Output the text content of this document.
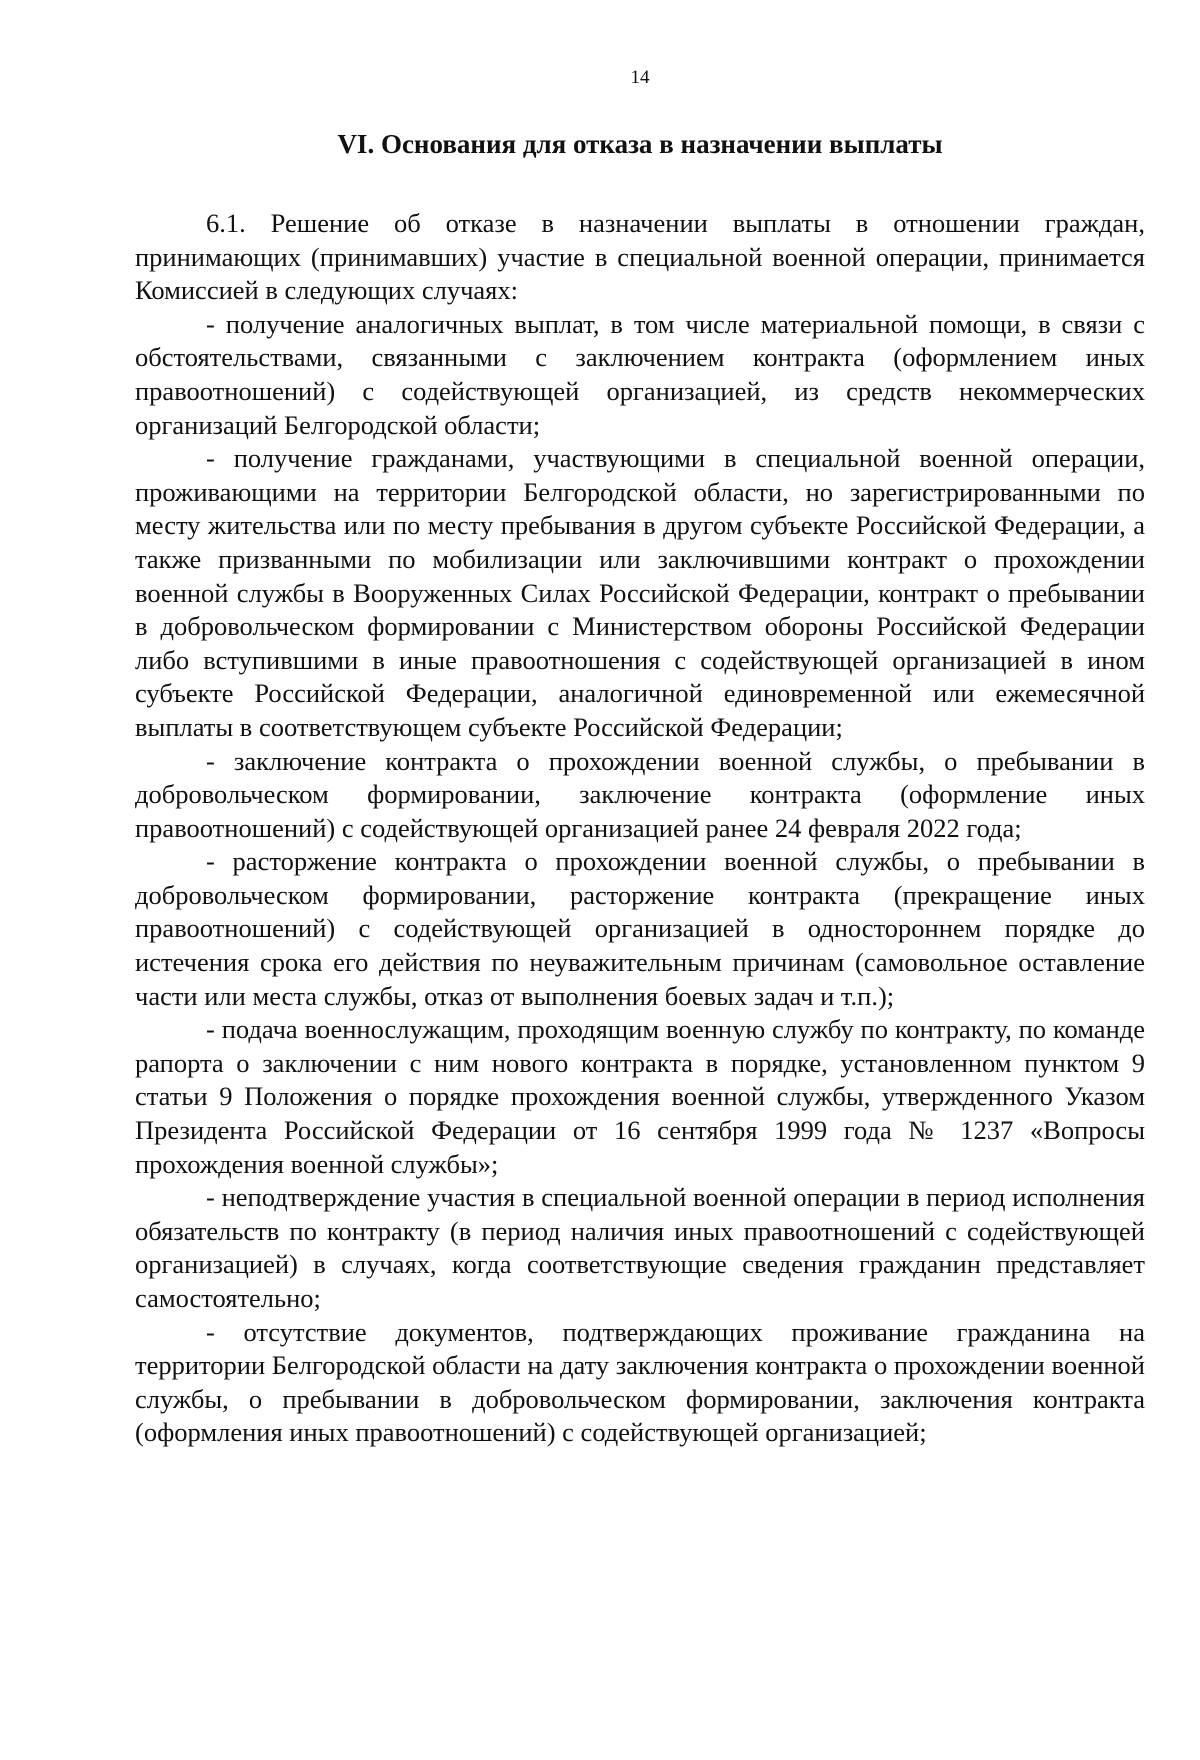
14
VI. Основания для отказа в назначении выплаты

6.1. Решение об отказе в назначении выплаты в отношении граждан, принимающих (принимавших) участие в специальной военной операции, принимается Комиссией в следующих случаях:

- получение аналогичных выплат, в том числе материальной помощи, в связи с обстоятельствами, связанными с заключением контракта (оформлением иных правоотношений) с содействующей организацией, из средств некоммерческих организаций Белгородской области;

- получение гражданами, участвующими в специальной военной операции, проживающими на территории Белгородской области, но зарегистрированными по месту жительства или по месту пребывания в другом субъекте Российской Федерации, а также призванными по мобилизации или заключившими контракт о прохождении военной службы в Вооруженных Силах Российской Федерации, контракт о пребывании в добровольческом формировании с Министерством обороны Российской Федерации либо вступившими в иные правоотношения с содействующей организацией в ином субъекте Российской Федерации, аналогичной единовременной или ежемесячной выплаты в соответствующем субъекте Российской Федерации;

- заключение контракта о прохождении военной службы, о пребывании в добровольческом формировании, заключение контракта (оформление иных правоотношений) с содействующей организацией ранее 24 февраля 2022 года;

- расторжение контракта о прохождении военной службы, о пребывании в добровольческом формировании, расторжение контракта (прекращение иных правоотношений) с содействующей организацией в одностороннем порядке до истечения срока его действия по неуважительным причинам (самовольное оставление части или места службы, отказ от выполнения боевых задач и т.п.);

- подача военнослужащим, проходящим военную службу по контракту, по команде рапорта о заключении с ним нового контракта в порядке, установленном пунктом 9 статьи 9 Положения о порядке прохождения военной службы, утвержденного Указом Президента Российской Федерации от 16 сентября 1999 года № 1237 «Вопросы прохождения военной службы»;

- неподтверждение участия в специальной военной операции в период исполнения обязательств по контракту (в период наличия иных правоотношений с содействующей организацией) в случаях, когда соответствующие сведения гражданин представляет самостоятельно;

- отсутствие документов, подтверждающих проживание гражданина на территории Белгородской области на дату заключения контракта о прохождении военной службы, о пребывании в добровольческом формировании, заключения контракта (оформления иных правоотношений) с содействующей организацией;
